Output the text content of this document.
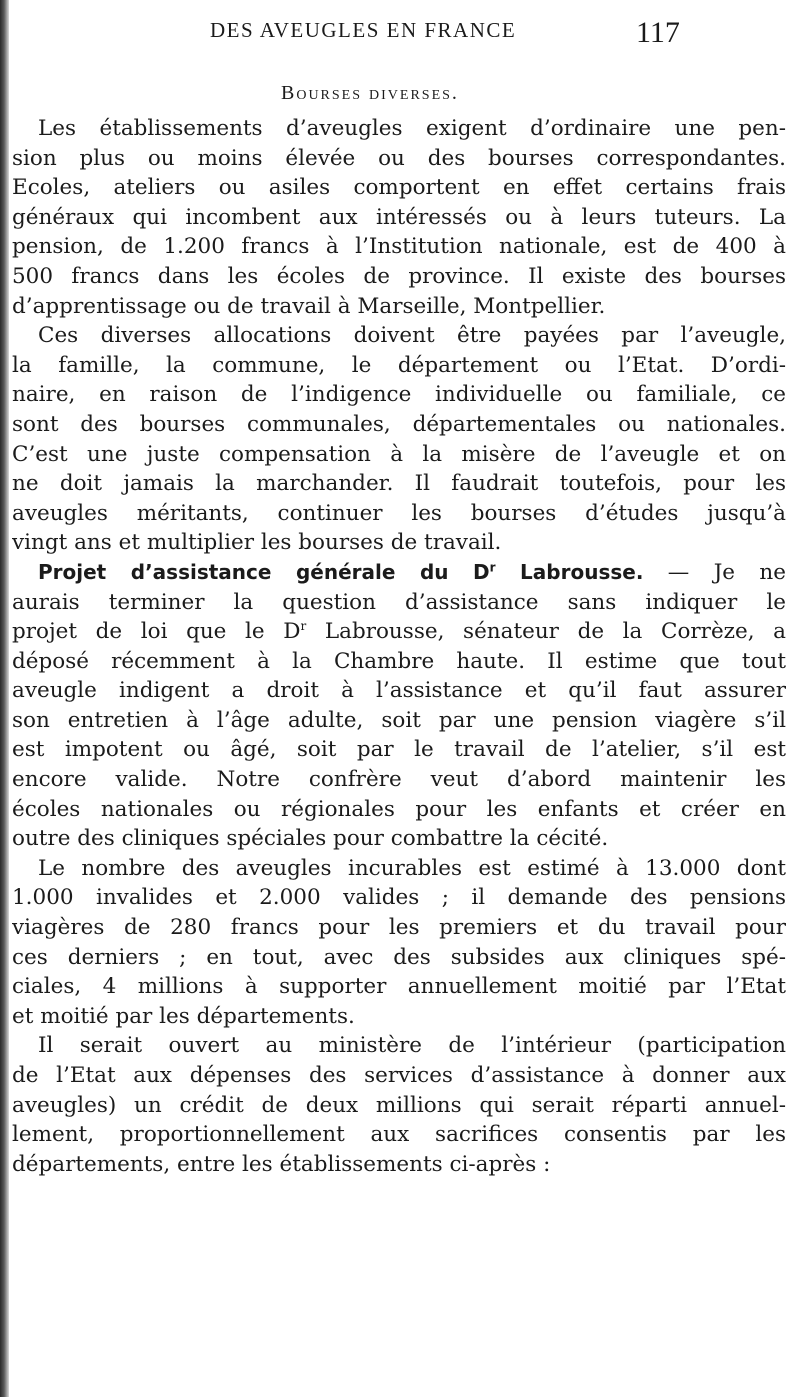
DES AVEUGLES EN FRANCE	117
Bourses diverses.
Les établissements d’aveugles exigent d’ordinaire une pen-
sion plus ou moins élevée ou des bourses correspondantes.
Ecoles, ateliers ou asiles comportent en effet certains frais
généraux qui incombent aux intéressés ou à leurs tuteurs. La
pension, de 1.200 francs à l’Institution nationale, est de 400 à
500 francs dans les écoles de province. Il existe des bourses
d’apprentissage ou de travail à Marseille, Montpellier.
Ces diverses allocations doivent être payées par l’aveugle,
la famille, la commune, le département ou l’Etat. D’ordi-
naire, en raison de l’indigence individuelle ou familiale, ce
sont des bourses communales, départementales ou nationales.
C’est une juste compensation à la misère de l’aveugle et on
ne doit jamais la marchander. Il faudrait toutefois, pour les
aveugles méritants, continuer les bourses d’études jusqu’à
vingt ans et multiplier les bourses de travail.
Projet d’assistance générale du $D^r$ Labrousse. — Je ne
aurais terminer la question d’assistance sans indiquer le
projet de loi que le $D^r$ Labrousse, sénateur de la Corrèze, a
déposé récemment à la Chambre haute. Il estime que tout
aveugle indigent a droit à l’assistance et qu’il faut assurer
son entretien à l’âge adulte, soit par une pension viagère s’il
est impotent ou âgé, soit par le travail de l’atelier, s’il est
encore valide. Notre confrère veut d’abord maintenir les
écoles nationales ou régionales pour les enfants et créer en
outre des cliniques spéciales pour combattre la cécité.
Le nombre des aveugles incurables est estimé à 13.000 dont
1.000 invalides et 2.000 valides ; il demande des pensions
viagères de 280 francs pour les premiers et du travail pour
ces derniers ; en tout, avec des subsides aux cliniques spé-
ciales, 4 millions à supporter annuellement moitié par l’Etat
et moitié par les départements.
Il serait ouvert au ministère de l’intérieur (participation
de l’Etat aux dépenses des services d’assistance à donner aux
aveugles) un crédit de deux millions qui serait réparti annuel-
lement, proportionnellement aux sacrifices consentis par les
départements, entre les établissements ci-après :
